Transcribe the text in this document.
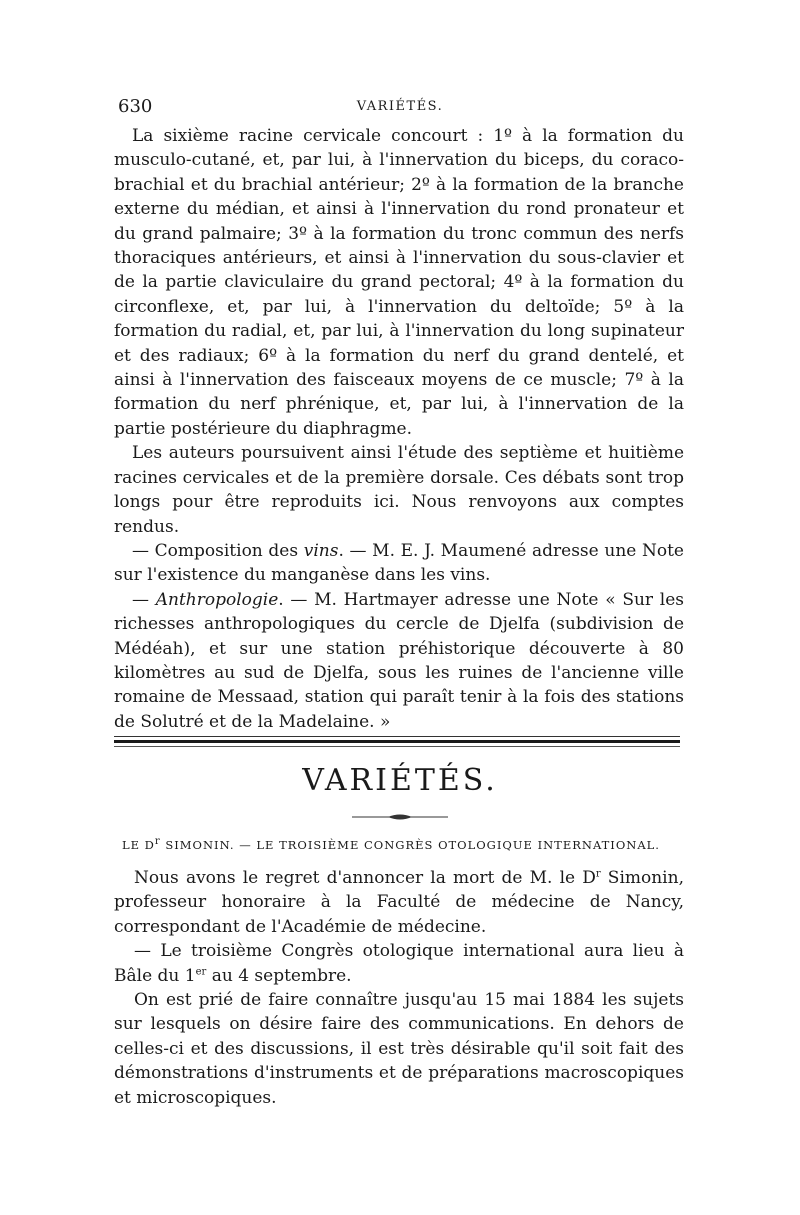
630	VARIÉTÉS.

La sixième racine cervicale concourt : 1º à la formation du musculo-cutané, et, par lui, à l'innervation du biceps, du coraco-brachial et du brachial antérieur; 2º à la formation de la branche externe du médian, et ainsi à l'innervation du rond pronateur et du grand palmaire; 3º à la formation du tronc commun des nerfs thoraciques antérieurs, et ainsi à l'innervation du sous-clavier et de la partie claviculaire du grand pectoral; 4º à la formation du circonflexe, et, par lui, à l'innervation du deltoïde; 5º à la formation du radial, et, par lui, à l'innervation du long supinateur et des radiaux; 6º à la formation du nerf du grand dentelé, et ainsi à l'innervation des faisceaux moyens de ce muscle; 7º à la formation du nerf phrénique, et, par lui, à l'innervation de la partie postérieure du diaphragme.

Les auteurs poursuivent ainsi l'étude des septième et huitième racines cervicales et de la première dorsale. Ces débats sont trop longs pour être reproduits ici. Nous renvoyons aux comptes rendus.

— Composition des vins. — M. E. J. Maumené adresse une Note sur l'existence du manganèse dans les vins.

— Anthropologie. — M. Hartmayer adresse une Note « Sur les richesses anthropologiques du cercle de Djelfa (subdivision de Médéah), et sur une station préhistorique découverte à 80 kilomètres au sud de Djelfa, sous les ruines de l'ancienne ville romaine de Messaad, station qui paraît tenir à la fois des stations de Solutré et de la Madelaine. »

VARIÉTÉS.
LE Dr SIMONIN. — LE TROISIÈME CONGRÈS OTOLOGIQUE INTERNATIONAL.

Nous avons le regret d'annoncer la mort de M. le $D^r$ Simonin, professeur honoraire à la Faculté de médecine de Nancy, correspondant de l'Académie de médecine.

— Le troisième Congrès otologique international aura lieu à Bâle du 1er au 4 septembre.

On est prié de faire connaître jusqu'au 15 mai 1884 les sujets sur lesquels on désire faire des communications. En dehors de celles-ci et des discussions, il est très désirable qu'il soit fait des démonstrations d'instruments et de préparations macroscopiques et microscopiques.
